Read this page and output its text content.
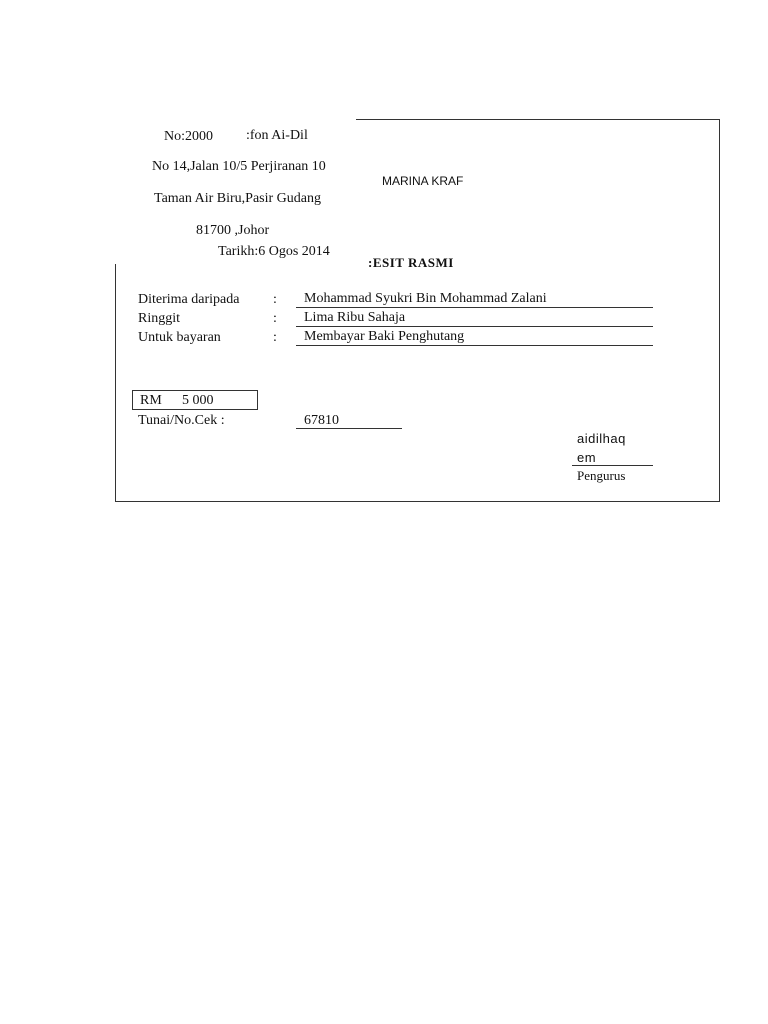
No:2000 :fon Ai-Dil
No 14,Jalan 10/5 Perjiranan 10
Taman Air Biru,Pasir Gudang
81700 ,Johor
Tarikh:6 Ogos 2014
MARINA KRAF
:ESIT RASMI
Diterima daripada : Mohammad Syukri Bin Mohammad Zalani
Ringgit	: Lima Ribu Sahaja
Untuk bayaran	: Membayar Baki Penghutang
RM 5 000
Tunai/No.Cek :	67810
aidilhaq
em
Pengurus
